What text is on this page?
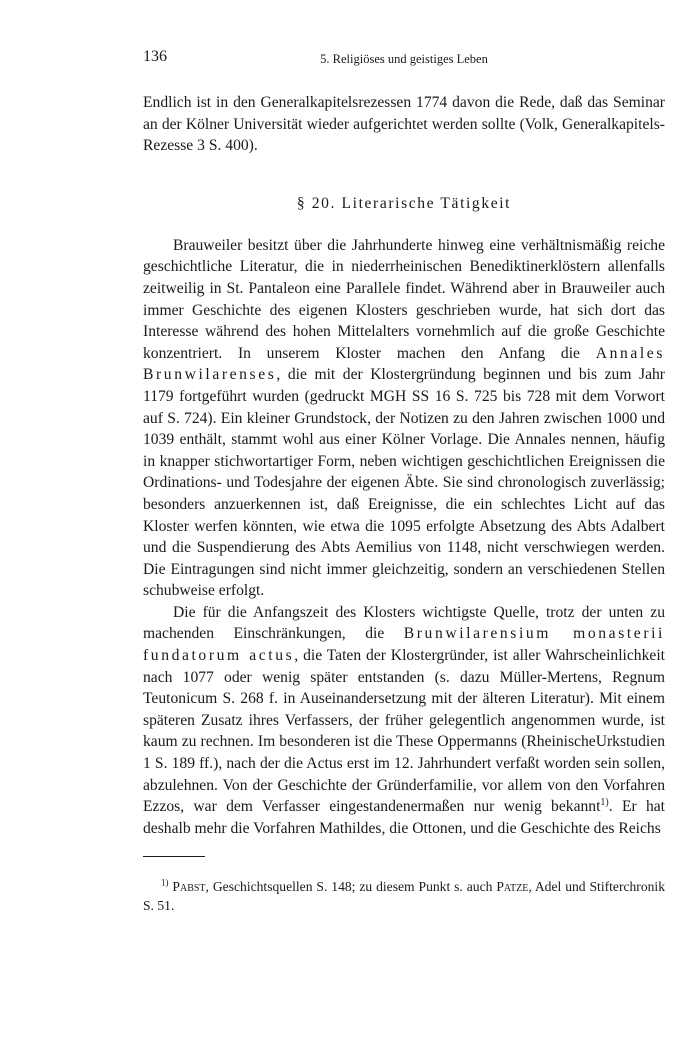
136	5. Religiöses und geistiges Leben

Endlich ist in den Generalkapitelsrezessen 1774 davon die Rede, daß das Seminar an der Kölner Universität wieder aufgerichtet werden sollte (Volk, Generalkapitels-Rezesse 3 S. 400).

§ 20. Literarische Tätigkeit

Brauweiler besitzt über die Jahrhunderte hinweg eine verhältnismäßig reiche geschichtliche Literatur, die in niederrheinischen Benediktinerklöstern allenfalls zeitweilig in St. Pantaleon eine Parallele findet. Während aber in Brauweiler auch immer Geschichte des eigenen Klosters geschrieben wurde, hat sich dort das Interesse während des hohen Mittelalters vornehmlich auf die große Geschichte konzentriert. In unserem Kloster machen den Anfang die Annales Brunwilarenses, die mit der Klostergründung beginnen und bis zum Jahr 1179 fortgeführt wurden (gedruckt MGH SS 16 S. 725 bis 728 mit dem Vorwort auf S. 724). Ein kleiner Grundstock, der Notizen zu den Jahren zwischen 1000 und 1039 enthält, stammt wohl aus einer Kölner Vorlage. Die Annales nennen, häufig in knapper stichwortartiger Form, neben wichtigen geschichtlichen Ereignissen die Ordinations- und Todesjahre der eigenen Äbte. Sie sind chronologisch zuverlässig; besonders anzuerkennen ist, daß Ereignisse, die ein schlechtes Licht auf das Kloster werfen könnten, wie etwa die 1095 erfolgte Absetzung des Abts Adalbert und die Suspendierung des Abts Aemilius von 1148, nicht verschwiegen werden. Die Eintragungen sind nicht immer gleichzeitig, sondern an verschiedenen Stellen schubweise erfolgt.

Die für die Anfangszeit des Klosters wichtigste Quelle, trotz der unten zu machenden Einschränkungen, die Brunwilarensium monasterii fundatorum actus, die Taten der Klostergründer, ist aller Wahrscheinlichkeit nach 1077 oder wenig später entstanden (s. dazu Müller-Mertens, Regnum Teutonicum S. 268 f. in Auseinandersetzung mit der älteren Literatur). Mit einem späteren Zusatz ihres Verfassers, der früher gelegentlich angenommen wurde, ist kaum zu rechnen. Im besonderen ist die These Oppermanns (RheinischeUrkstudien 1 S. 189 ff.), nach der die Actus erst im 12. Jahrhundert verfaßt worden sein sollen, abzulehnen. Von der Geschichte der Gründerfamilie, vor allem von den Vorfahren Ezzos, war dem Verfasser eingestandenermaßen nur wenig bekannt$^{1)}$. Er hat deshalb mehr die Vorfahren Mathildes, die Ottonen, und die Geschichte des Reichs

$^{1)}$ Pabst, Geschichtsquellen S. 148; zu diesem Punkt s. auch Patze, Adel und Stifterchronik S. 51.
